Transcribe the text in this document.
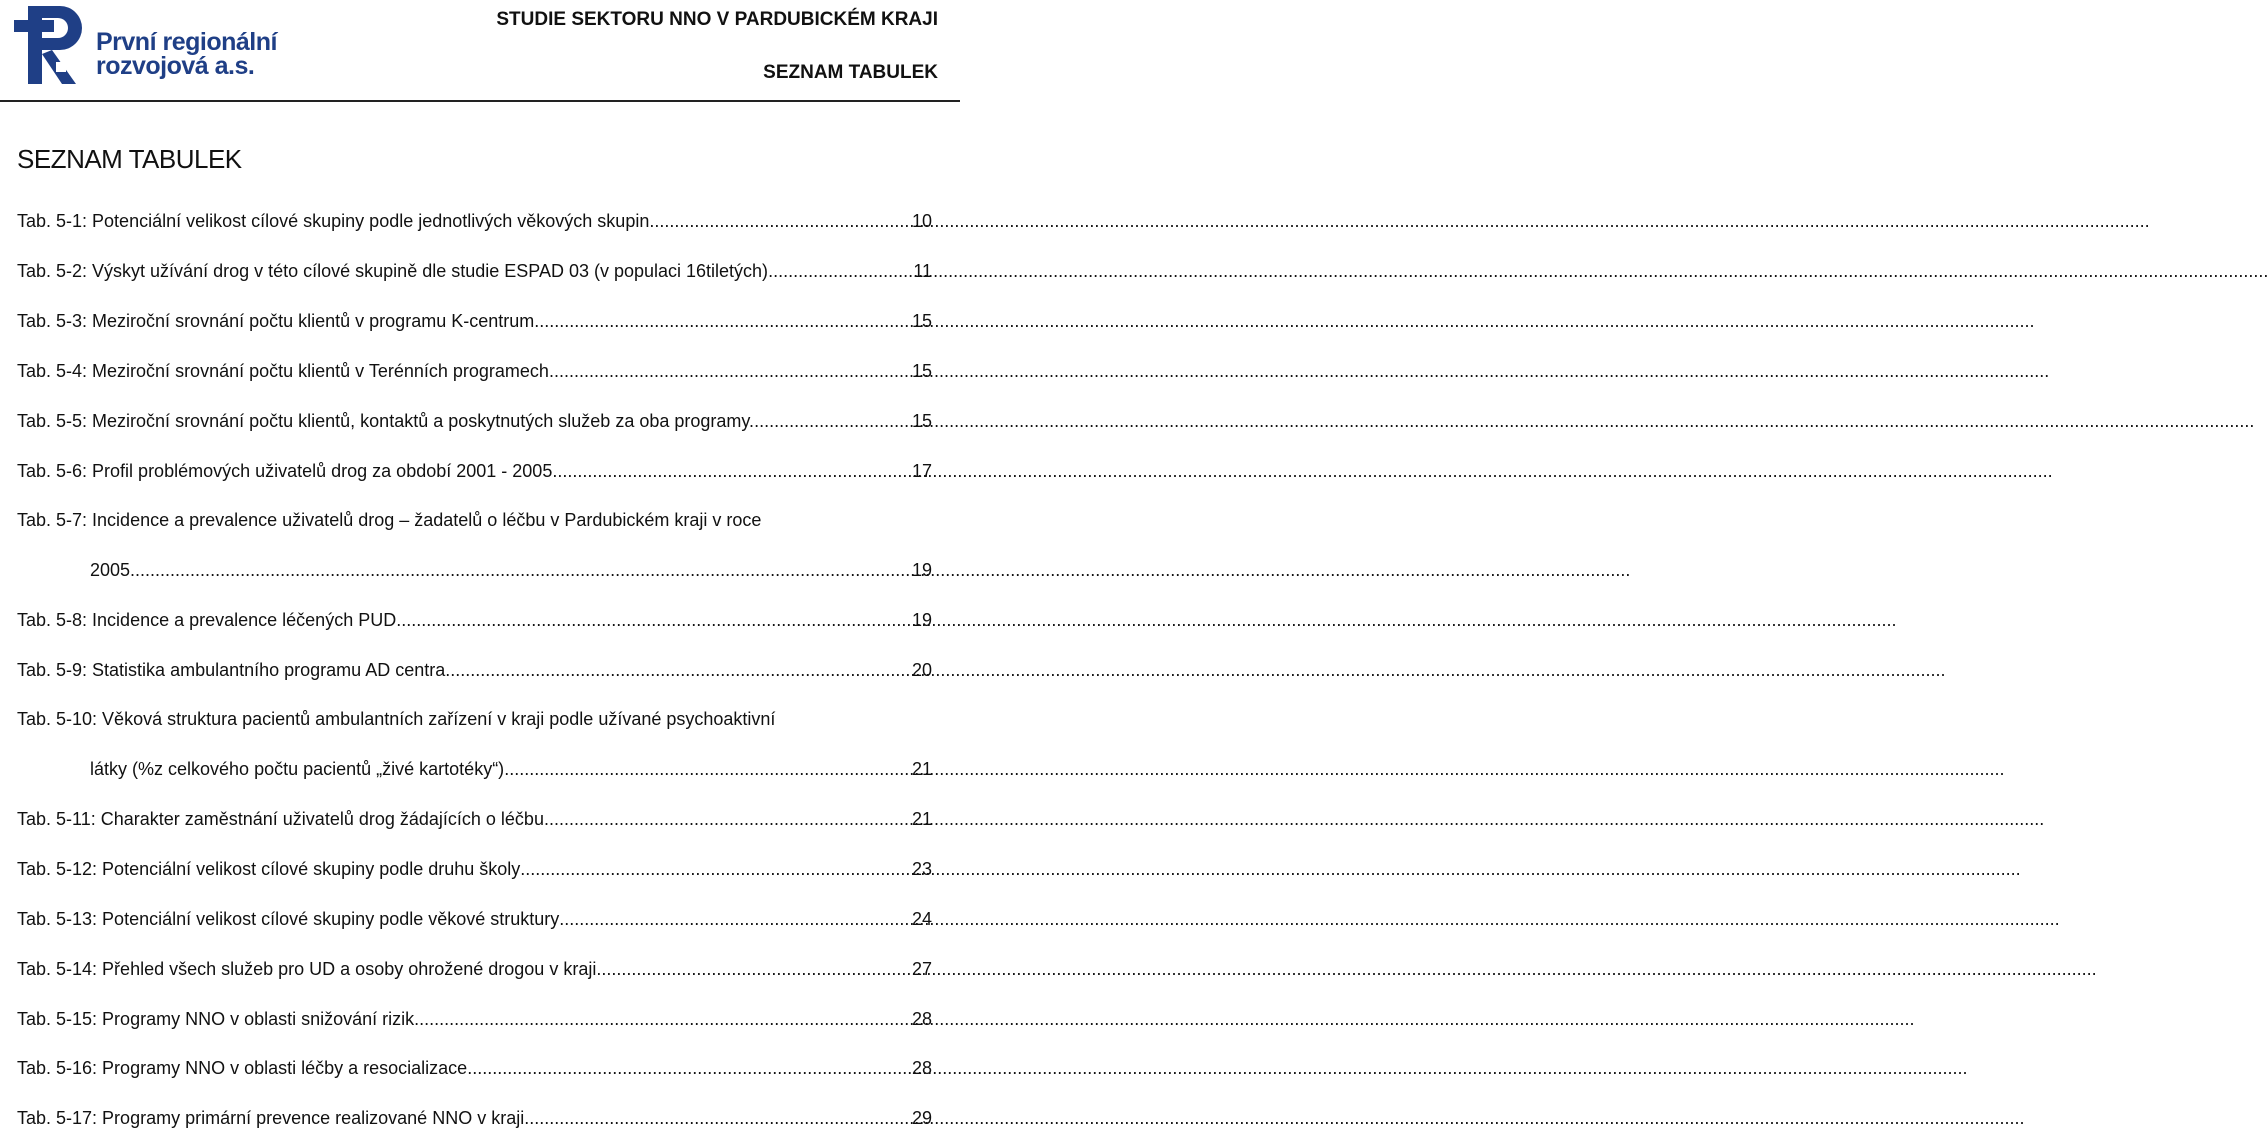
První regionální
rozvojová a.s.
STUDIE SEKTORU NNO V PARDUBICKÉM KRAJI
SEZNAM TABULEK
SEZNAM TABULEK
Tab. 5-1: Potenciální velikost cílové skupiny podle jednotlivých věkových skupin .....	10
Tab. 5-2: Výskyt užívání drog v této cílové skupině dle studie ESPAD 03 (v populaci 16tiletých) .....	11
Tab. 5-3: Meziroční srovnání počtu klientů v programu K-centrum .....	15
Tab. 5-4: Meziroční srovnání počtu klientů v Terénních programech .....	15
Tab. 5-5: Meziroční srovnání počtu klientů, kontaktů a poskytnutých služeb za oba programy. .....	15
Tab. 5-6: Profil problémových uživatelů drog za období 2001 - 2005 .....	17
Tab. 5-7: Incidence a prevalence uživatelů drog – žadatelů o léčbu v Pardubickém kraji v roce
2005 .....	19
Tab. 5-8: Incidence a prevalence léčených PUD .....	19
Tab. 5-9: Statistika ambulantního programu AD centra .....	20
Tab. 5-10: Věková struktura pacientů ambulantních zařízení v kraji podle užívané psychoaktivní
látky (%z celkového počtu pacientů „živé kartotéky“) .....	21
Tab. 5-11: Charakter zaměstnání uživatelů drog žádajících o léčbu .....	21
Tab. 5-12: Potenciální velikost cílové skupiny podle druhu školy .....	23
Tab. 5-13: Potenciální velikost cílové skupiny podle věkové struktury .....	24
Tab. 5-14: Přehled všech služeb pro UD a osoby ohrožené drogou v kraji .....	27
Tab. 5-15: Programy NNO v oblasti snižování rizik .....	28
Tab. 5-16: Programy NNO v oblasti léčby a resocializace .....	28
Tab. 5-17: Programy primární prevence realizované NNO v kraji .....	29
